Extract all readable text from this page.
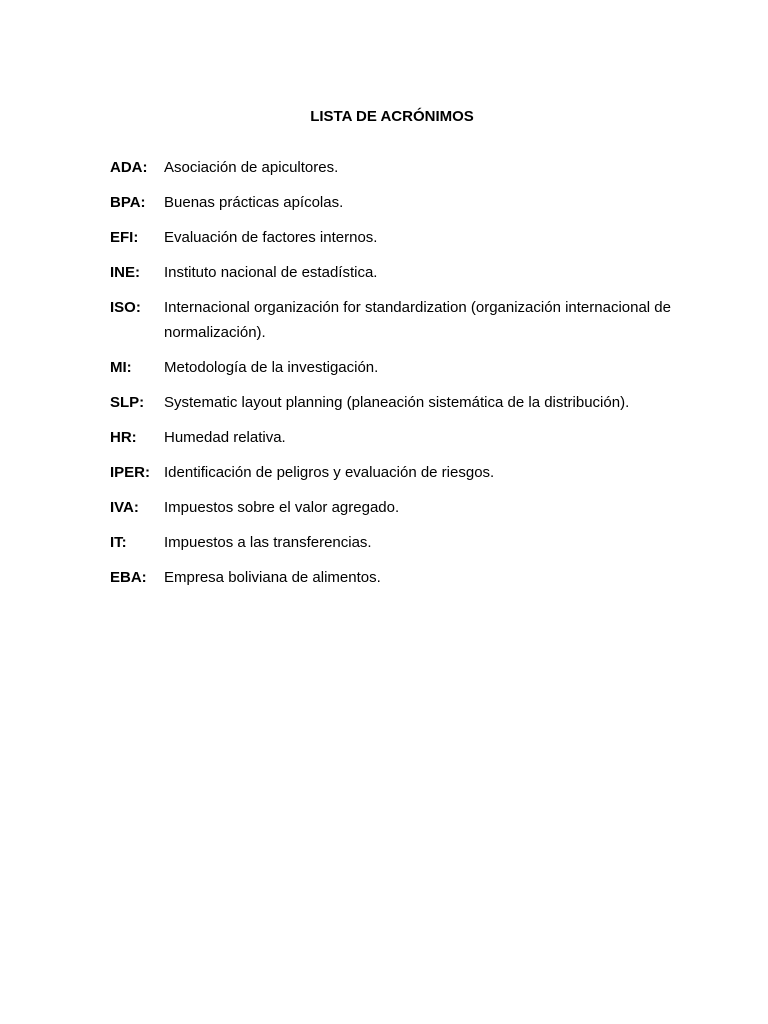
LISTA DE ACRÓNIMOS
ADA:	Asociación de apicultores.
BPA:	Buenas prácticas apícolas.
EFI:	Evaluación de factores internos.
INE:	Instituto nacional de estadística.
ISO:	Internacional organización for standardization (organización internacional de normalización).
MI:	Metodología de la investigación.
SLP:	Systematic layout planning (planeación sistemática de la distribución).
HR:	Humedad relativa.
IPER: Identificación de peligros y evaluación de riesgos.
IVA:	Impuestos sobre el valor agregado.
IT:	Impuestos a las transferencias.
EBA:	Empresa boliviana de alimentos.
